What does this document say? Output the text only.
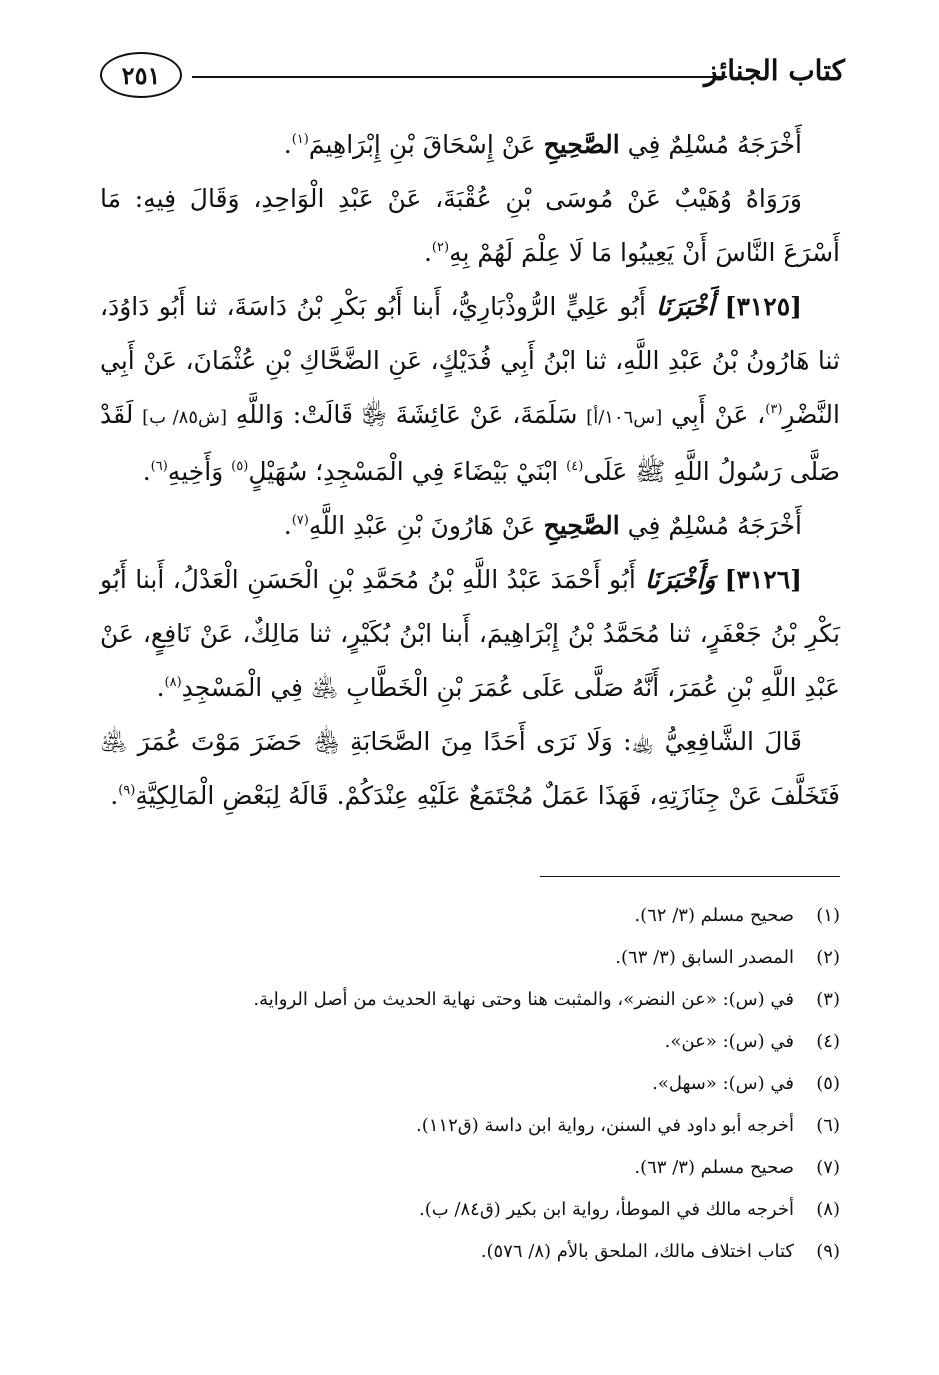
٢٥١	كتاب الجنائز

أَخْرَجَهُ مُسْلِمٌ فِي الصَّحِيحِ عَنْ إِسْحَاقَ بْنِ إِبْرَاهِيمَ$^{(١)}$.

وَرَوَاهُ وُهَيْبٌ عَنْ مُوسَى بْنِ عُقْبَةَ، عَنْ عَبْدِ الْوَاحِدِ، وَقَالَ فِيهِ: مَا أَسْرَعَ النَّاسَ أَنْ يَعِيبُوا مَا لَا عِلْمَ لَهُمْ بِهِ$^{(٢)}$.

[٣١٢٥] أَخْبَرَنَا أَبُو عَلِيٍّ الرُّوذْبَارِيُّ، أَبنا أَبُو بَكْرِ بْنُ دَاسَةَ، ثنا أَبُو دَاوُدَ، ثنا هَارُونُ بْنُ عَبْدِ اللَّهِ، ثنا ابْنُ أَبِي فُدَيْكٍ، عَنِ الضَّحَّاكِ بْنِ عُثْمَانَ، عَنْ أَبِي النَّضْرِ$^{(٣)}$، عَنْ أَبِي [س١٠٦/أ] سَلَمَةَ، عَنْ عَائِشَةَ ﵂ قَالَتْ: وَاللَّهِ [ش٨٥/ ب] لَقَدْ صَلَّى رَسُولُ اللَّهِ ﷺ عَلَى$^{(٤)}$ ابْنَيْ بَيْضَاءَ فِي الْمَسْجِدِ؛ سُهَيْلٍ$^{(٥)}$ وَأَخِيهِ$^{(٦)}$.

أَخْرَجَهُ مُسْلِمٌ فِي الصَّحِيحِ عَنْ هَارُونَ بْنِ عَبْدِ اللَّهِ$^{(٧)}$.

[٣١٢٦] وَأَخْبَرَنَا أَبُو أَحْمَدَ عَبْدُ اللَّهِ بْنُ مُحَمَّدِ بْنِ الْحَسَنِ الْعَدْلُ، أَبنا أَبُو بَكْرِ بْنُ جَعْفَرٍ، ثنا مُحَمَّدُ بْنُ إِبْرَاهِيمَ، أَبنا ابْنُ بُكَيْرٍ، ثنا مَالِكٌ، عَنْ نَافِعٍ، عَنْ عَبْدِ اللَّهِ بْنِ عُمَرَ، أَنَّهُ صَلَّى عَلَى عُمَرَ بْنِ الْخَطَّابِ ﵁ فِي الْمَسْجِدِ$^{(٨)}$.

قَالَ الشَّافِعِيُّ ﵀: وَلَا نَرَى أَحَدًا مِنَ الصَّحَابَةِ ﵃ حَضَرَ مَوْتَ عُمَرَ ﵁ فَتَخَلَّفَ عَنْ جِنَازَتِهِ، فَهَذَا عَمَلٌ مُجْتَمَعٌ عَلَيْهِ عِنْدَكُمْ. قَالَهُ لِبَعْضِ الْمَالِكِيَّةِ$^{(٩)}$.

(١)
صحيح مسلم (٣/ ٦٢).
(٢)
المصدر السابق (٣/ ٦٣).
(٣)
في (س): «عن النضر»، والمثبت هنا وحتى نهاية الحديث من أصل الرواية.
(٤)
في (س): «عن».
(٥)
في (س): «سهل».
(٦)
أخرجه أبو داود في السنن، رواية ابن داسة (ق١١٢).
(٧)
صحيح مسلم (٣/ ٦٣).
(٨)
أخرجه مالك في الموطأ، رواية ابن بكير (ق٨٤/ ب).
(٩)
كتاب اختلاف مالك، الملحق بالأم (٨/ ٥٧٦).
